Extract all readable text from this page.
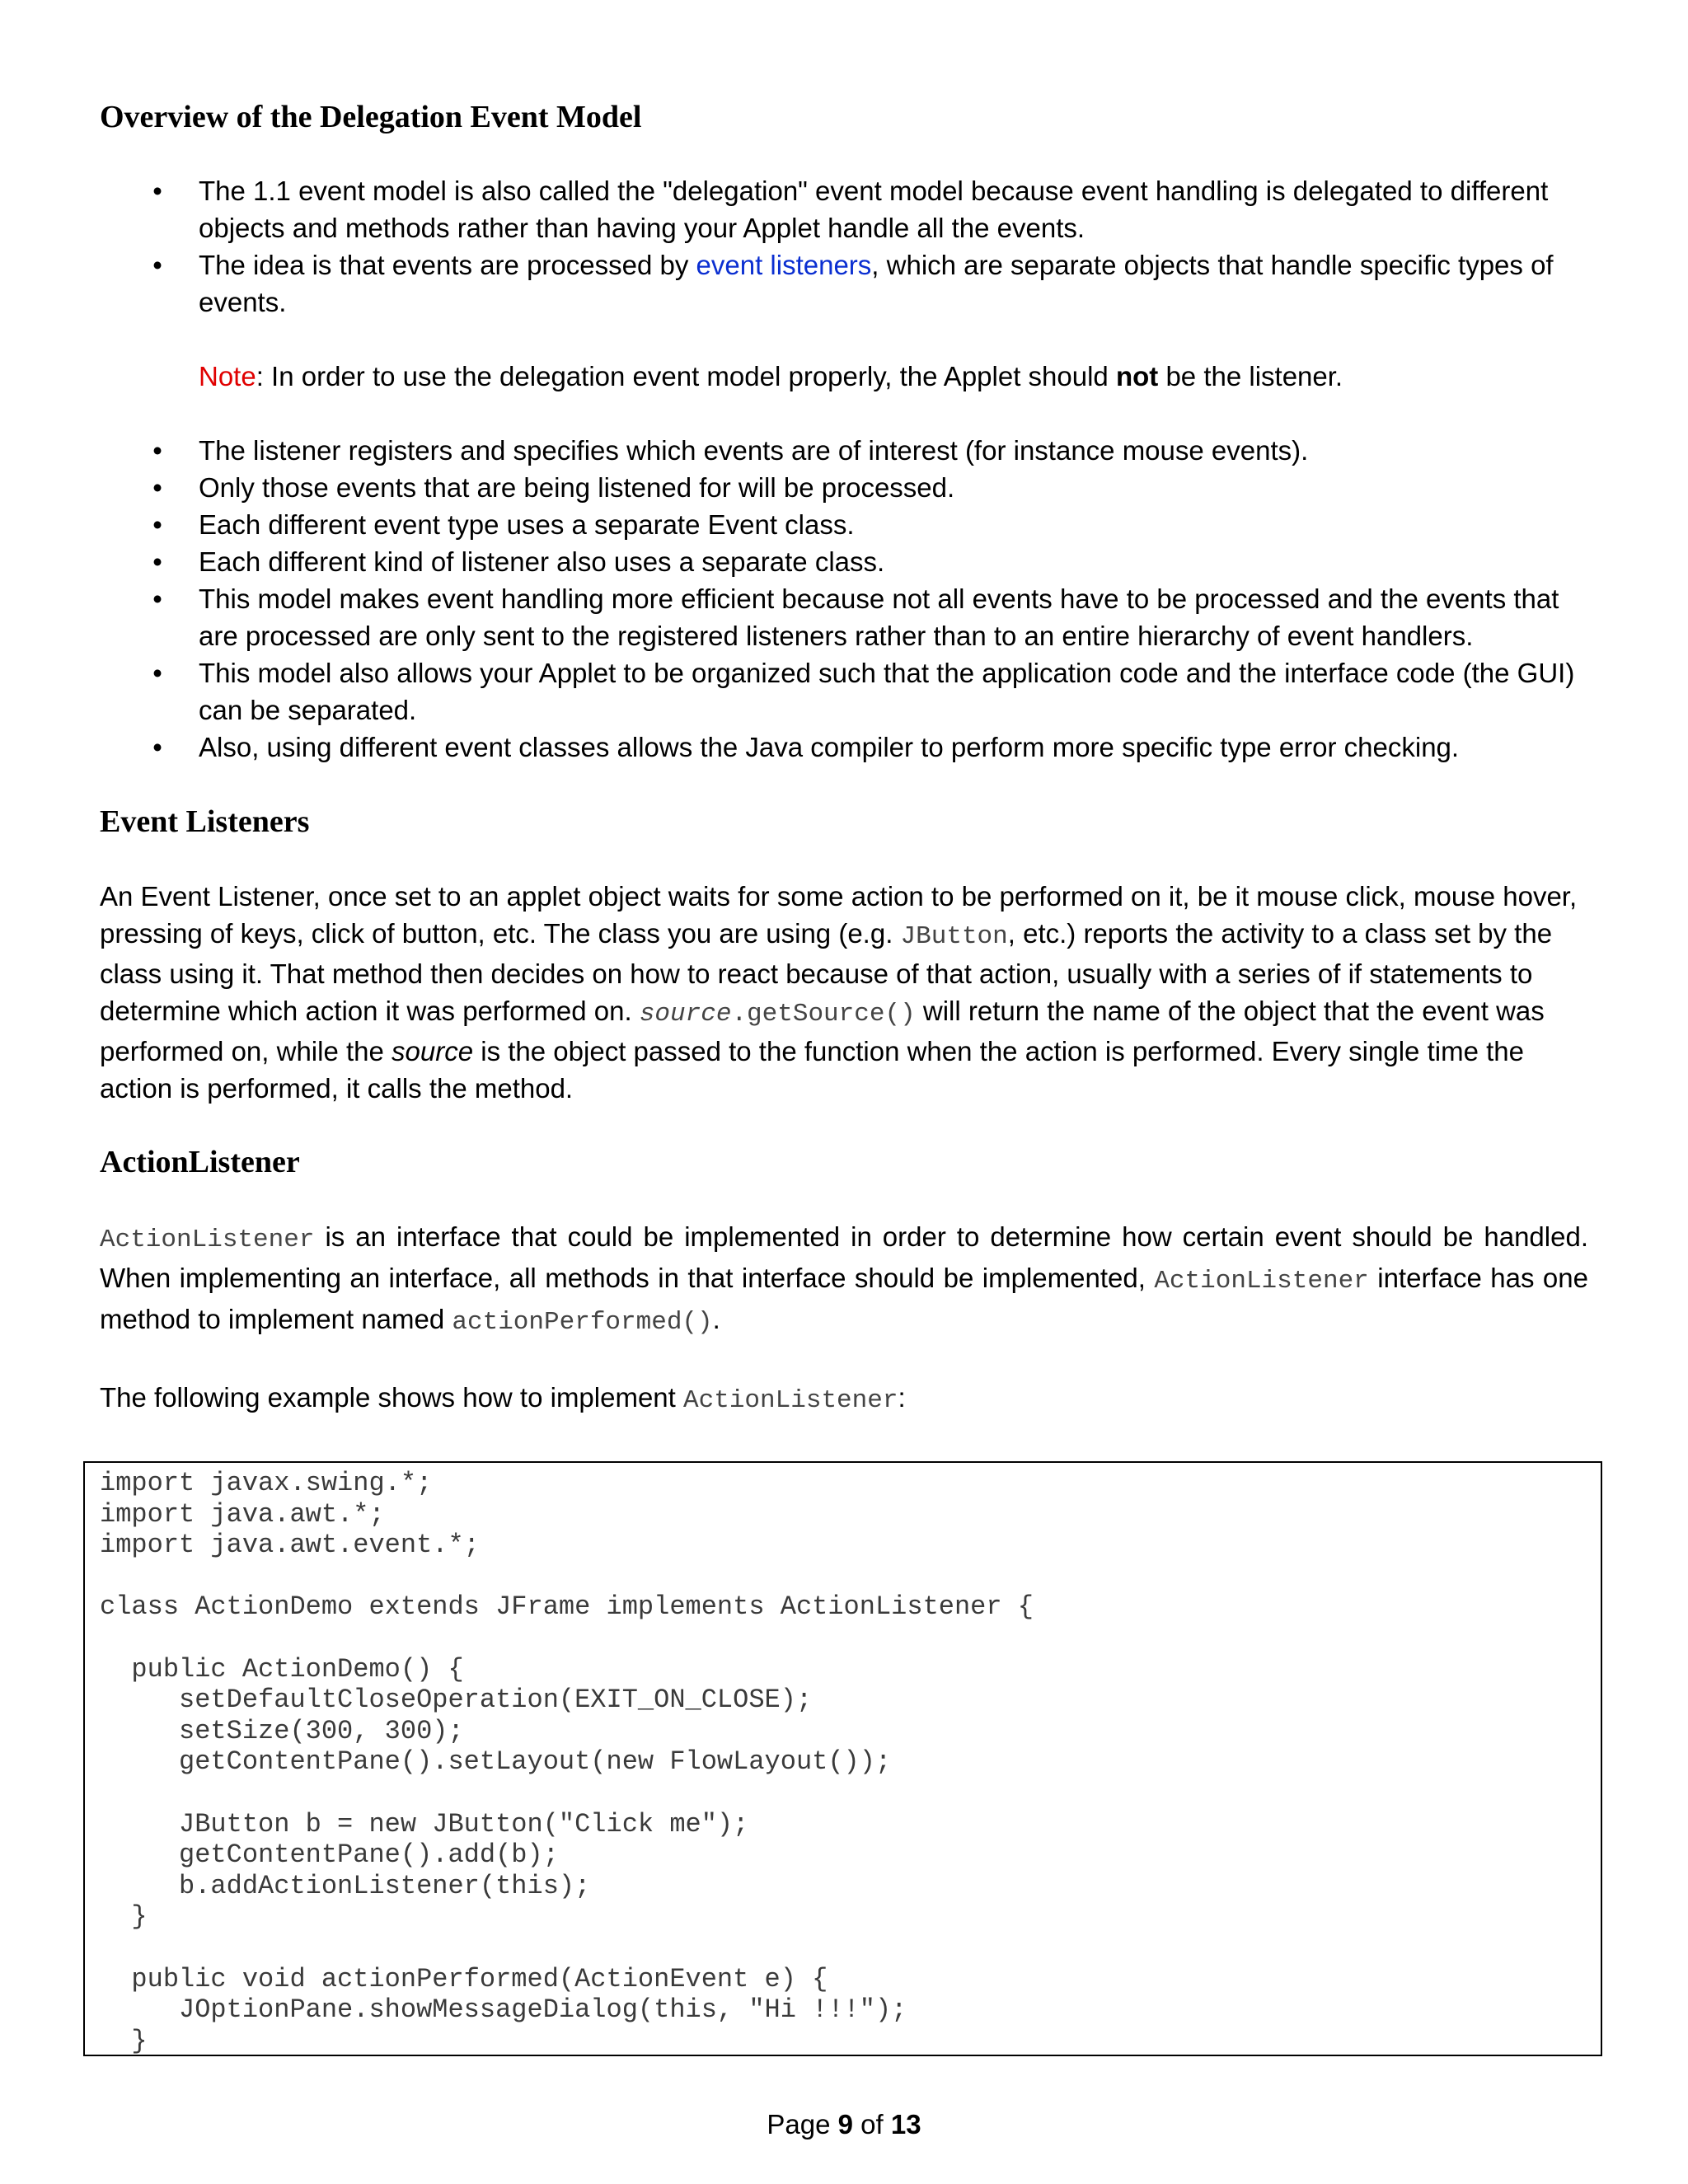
Overview of the Delegation Event Model
• The 1.1 event model is also called the "delegation" event model because event handling is delegated to different objects and methods rather than having your Applet handle all the events.
• The idea is that events are processed by event listeners, which are separate objects that handle specific types of events.
Note: In order to use the delegation event model properly, the Applet should not be the listener.
• The listener registers and specifies which events are of interest (for instance mouse events).
• Only those events that are being listened for will be processed.
• Each different event type uses a separate Event class.
• Each different kind of listener also uses a separate class.
• This model makes event handling more efficient because not all events have to be processed and the events that are processed are only sent to the registered listeners rather than to an entire hierarchy of event handlers.
• This model also allows your Applet to be organized such that the application code and the interface code (the GUI) can be separated.
• Also, using different event classes allows the Java compiler to perform more specific type error checking.
Event Listeners

An Event Listener, once set to an applet object waits for some action to be performed on it, be it mouse click, mouse hover, pressing of keys, click of button, etc. The class you are using (e.g. JButton, etc.) reports the activity to a class set by the class using it. That method then decides on how to react because of that action, usually with a series of if statements to determine which action it was performed on. source.getSource() will return the name of the object that the event was performed on, while the source is the object passed to the function when the action is performed. Every single time the action is performed, it calls the method.

ActionListener

ActionListener is an interface that could be implemented in order to determine how certain event should be handled. When implementing an interface, all methods in that interface should be implemented, ActionListener interface has one method to implement named actionPerformed().

The following example shows how to implement ActionListener:

import javax.swing.*;
import java.awt.*;
import java.awt.event.*;

class ActionDemo extends JFrame implements ActionListener {

public ActionDemo() {
setDefaultCloseOperation(EXIT_ON_CLOSE);
setSize(300, 300);
getContentPane().setLayout(new FlowLayout());

JButton b = new JButton("Click me");
getContentPane().add(b);
b.addActionListener(this);
}

public void actionPerformed(ActionEvent e) {
JOptionPane.showMessageDialog(this, "Hi !!!");
}
Page 9 of 13
